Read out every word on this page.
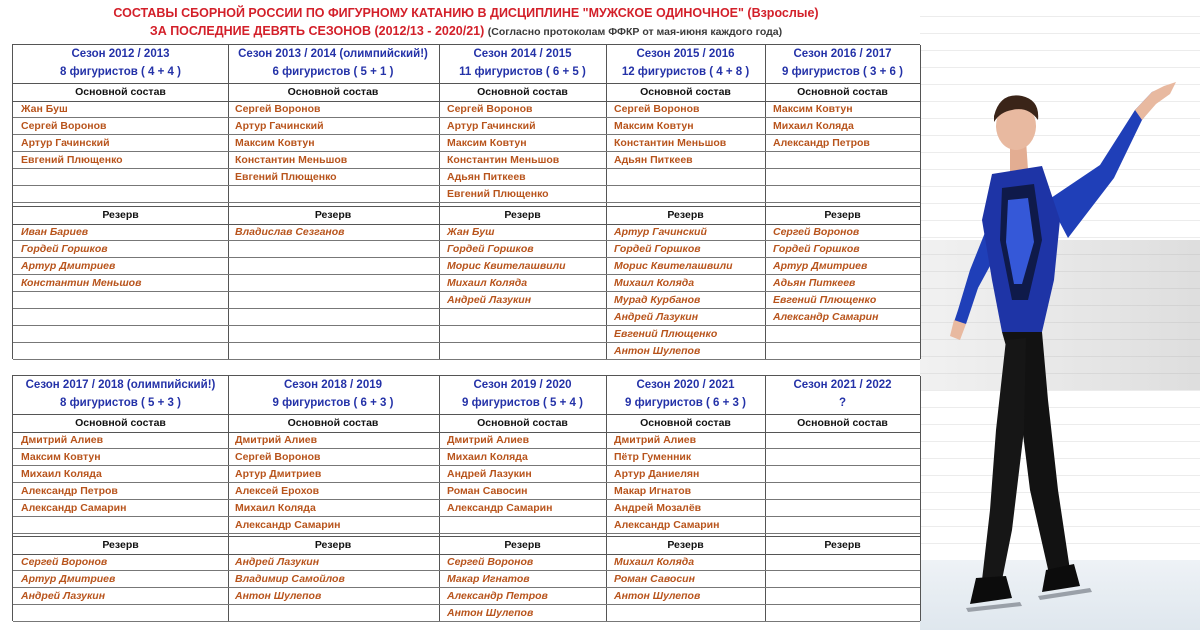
СОСТАВЫ СБОРНОЙ РОССИИ ПО ФИГУРНОМУ КАТАНИЮ В ДИСЦИПЛИНЕ "МУЖСКОЕ ОДИНОЧНОЕ" (Взрослые)
ЗА ПОСЛЕДНИЕ ДЕВЯТЬ СЕЗОНОВ (2012/13 - 2020/21) (Согласно протоколам ФФКР от мая-июня каждого года)
Сезон 2012 / 2013
8 фигуристов ( 4 + 4 )
Основной состав
Жан Буш
Сергей Воронов
Артур Гачинский
Евгений Плющенко
Резерв
Иван Бариев
Гордей Горшков
Артур Дмитриев
Константин Меньшов
Сезон 2013 / 2014 (олимпийский!)
6 фигуристов ( 5 + 1 )
Основной состав
Сергей Воронов
Артур Гачинский
Максим Ковтун
Константин Меньшов
Евгений Плющенко
Резерв
Владислав Сезганов
Сезон 2014 / 2015
11 фигуристов ( 6 + 5 )
Основной состав
Сергей Воронов
Артур Гачинский
Максим Ковтун
Константин Меньшов
Адьян Питкеев
Евгений Плющенко
Резерв
Жан Буш
Гордей Горшков
Морис Квителашвили
Михаил Коляда
Андрей Лазукин
Сезон 2015 / 2016
12 фигуристов ( 4 + 8 )
Основной состав
Сергей Воронов
Максим Ковтун
Константин Меньшов
Адьян Питкеев
Резерв
Артур Гачинский
Гордей Горшков
Морис Квителашвили
Михаил Коляда
Мурад Курбанов
Андрей Лазукин
Евгений Плющенко
Антон Шулепов
Сезон 2016 / 2017
9 фигуристов ( 3 + 6 )
Основной состав
Максим Ковтун
Михаил Коляда
Александр Петров
Резерв
Сергей Воронов
Гордей Горшков
Артур Дмитриев
Адьян Питкеев
Евгений Плющенко
Александр Самарин
Сезон 2017 / 2018 (олимпийский!)
8 фигуристов ( 5 + 3 )
Основной состав
Дмитрий Алиев
Максим Ковтун
Михаил Коляда
Александр Петров
Александр Самарин
Резерв
Сергей Воронов
Артур Дмитриев
Андрей Лазукин
Сезон 2018 / 2019
9 фигуристов ( 6 + 3 )
Основной состав
Дмитрий Алиев
Сергей Воронов
Артур Дмитриев
Алексей Ерохов
Михаил Коляда
Александр Самарин
Резерв
Андрей Лазукин
Владимир Самойлов
Антон Шулепов
Сезон 2019 / 2020
9 фигуристов ( 5 + 4 )
Основной состав
Дмитрий Алиев
Михаил Коляда
Андрей Лазукин
Роман Савосин
Александр Самарин
Резерв
Сергей Воронов
Макар Игнатов
Александр Петров
Антон Шулепов
Сезон 2020 / 2021
9 фигуристов ( 6 + 3 )
Основной состав
Дмитрий Алиев
Пётр Гуменник
Артур Даниелян
Макар Игнатов
Андрей Мозалёв
Александр Самарин
Резерв
Михаил Коляда
Роман Савосин
Антон Шулепов
Сезон 2021 / 2022
?
Основной состав
Резерв
